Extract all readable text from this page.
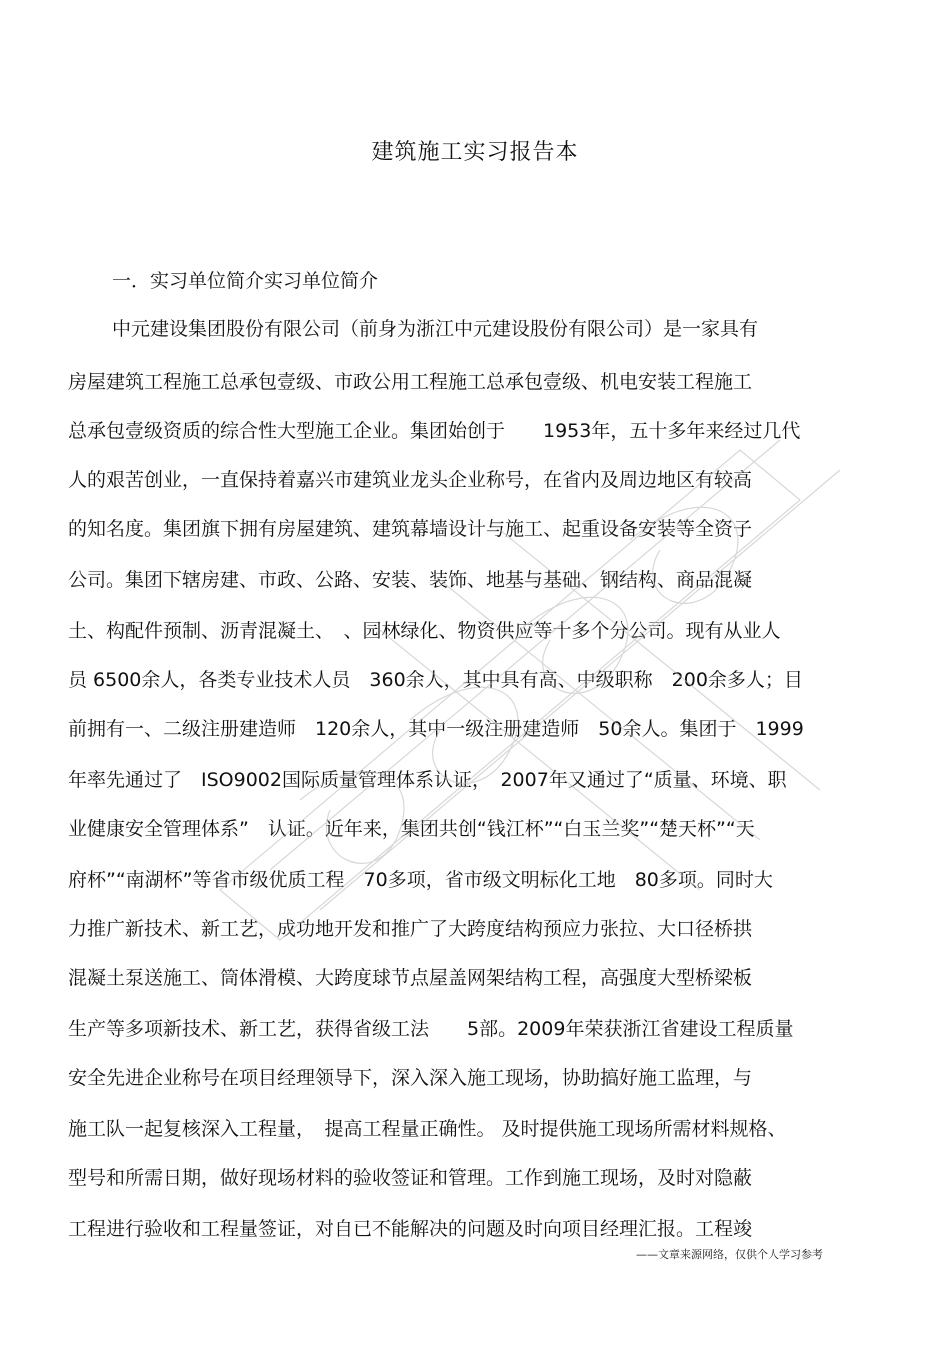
建筑施工实习报告本
一．实习单位简介实习单位简介
中元建设集团股份有限公司（前身为浙江中元建设股份有限公司）是一家具有
房屋建筑工程施工总承包壹级、市政公用工程施工总承包壹级、机电安装工程施工
总承包壹级资质的综合性大型施工企业。集团始创于　　1953年，五十多年来经过几代
人的艰苦创业，一直保持着嘉兴市建筑业龙头企业称号，在省内及周边地区有较高
的知名度。集团旗下拥有房屋建筑、建筑幕墙设计与施工、起重设备安装等全资子
公司。集团下辖房建、市政、公路、安装、装饰、地基与基础、钢结构、商品混凝
土、构配件预制、沥青混凝土、　、园林绿化、物资供应等十多个分公司。现有从业人
员 6500余人，各类专业技术人员　360余人，其中具有高、中级职称　200余多人；目
前拥有一、二级注册建造师　120余人，其中一级注册建造师　50余人。集团于　1999
年率先通过了　ISO9002国际质量管理体系认证，　2007年又通过了“质量、环境、职
业健康安全管理体系”　认证。近年来，集团共创“钱江杯”“白玉兰奖”“楚天杯”“天
府杯”“南湖杯”等省市级优质工程　70多项，省市级文明标化工地　80多项。同时大
力推广新技术、新工艺，成功地开发和推广了大跨度结构预应力张拉、大口径桥拱
混凝土泵送施工、筒体滑模、大跨度球节点屋盖网架结构工程，高强度大型桥梁板
生产等多项新技术、新工艺，获得省级工法　　5部。2009年荣获浙江省建设工程质量
安全先进企业称号在项目经理领导下，深入深入施工现场，协助搞好施工监理，与
施工队一起复核深入工程量，　提高工程量正确性。 及时提供施工现场所需材料规格、
型号和所需日期，做好现场材料的验收签证和管理。工作到施工现场，及时对隐蔽
工程进行验收和工程量签证，对自已不能解决的问题及时向项目经理汇报。工程竣
——文章来源网络，仅供个人学习参考
